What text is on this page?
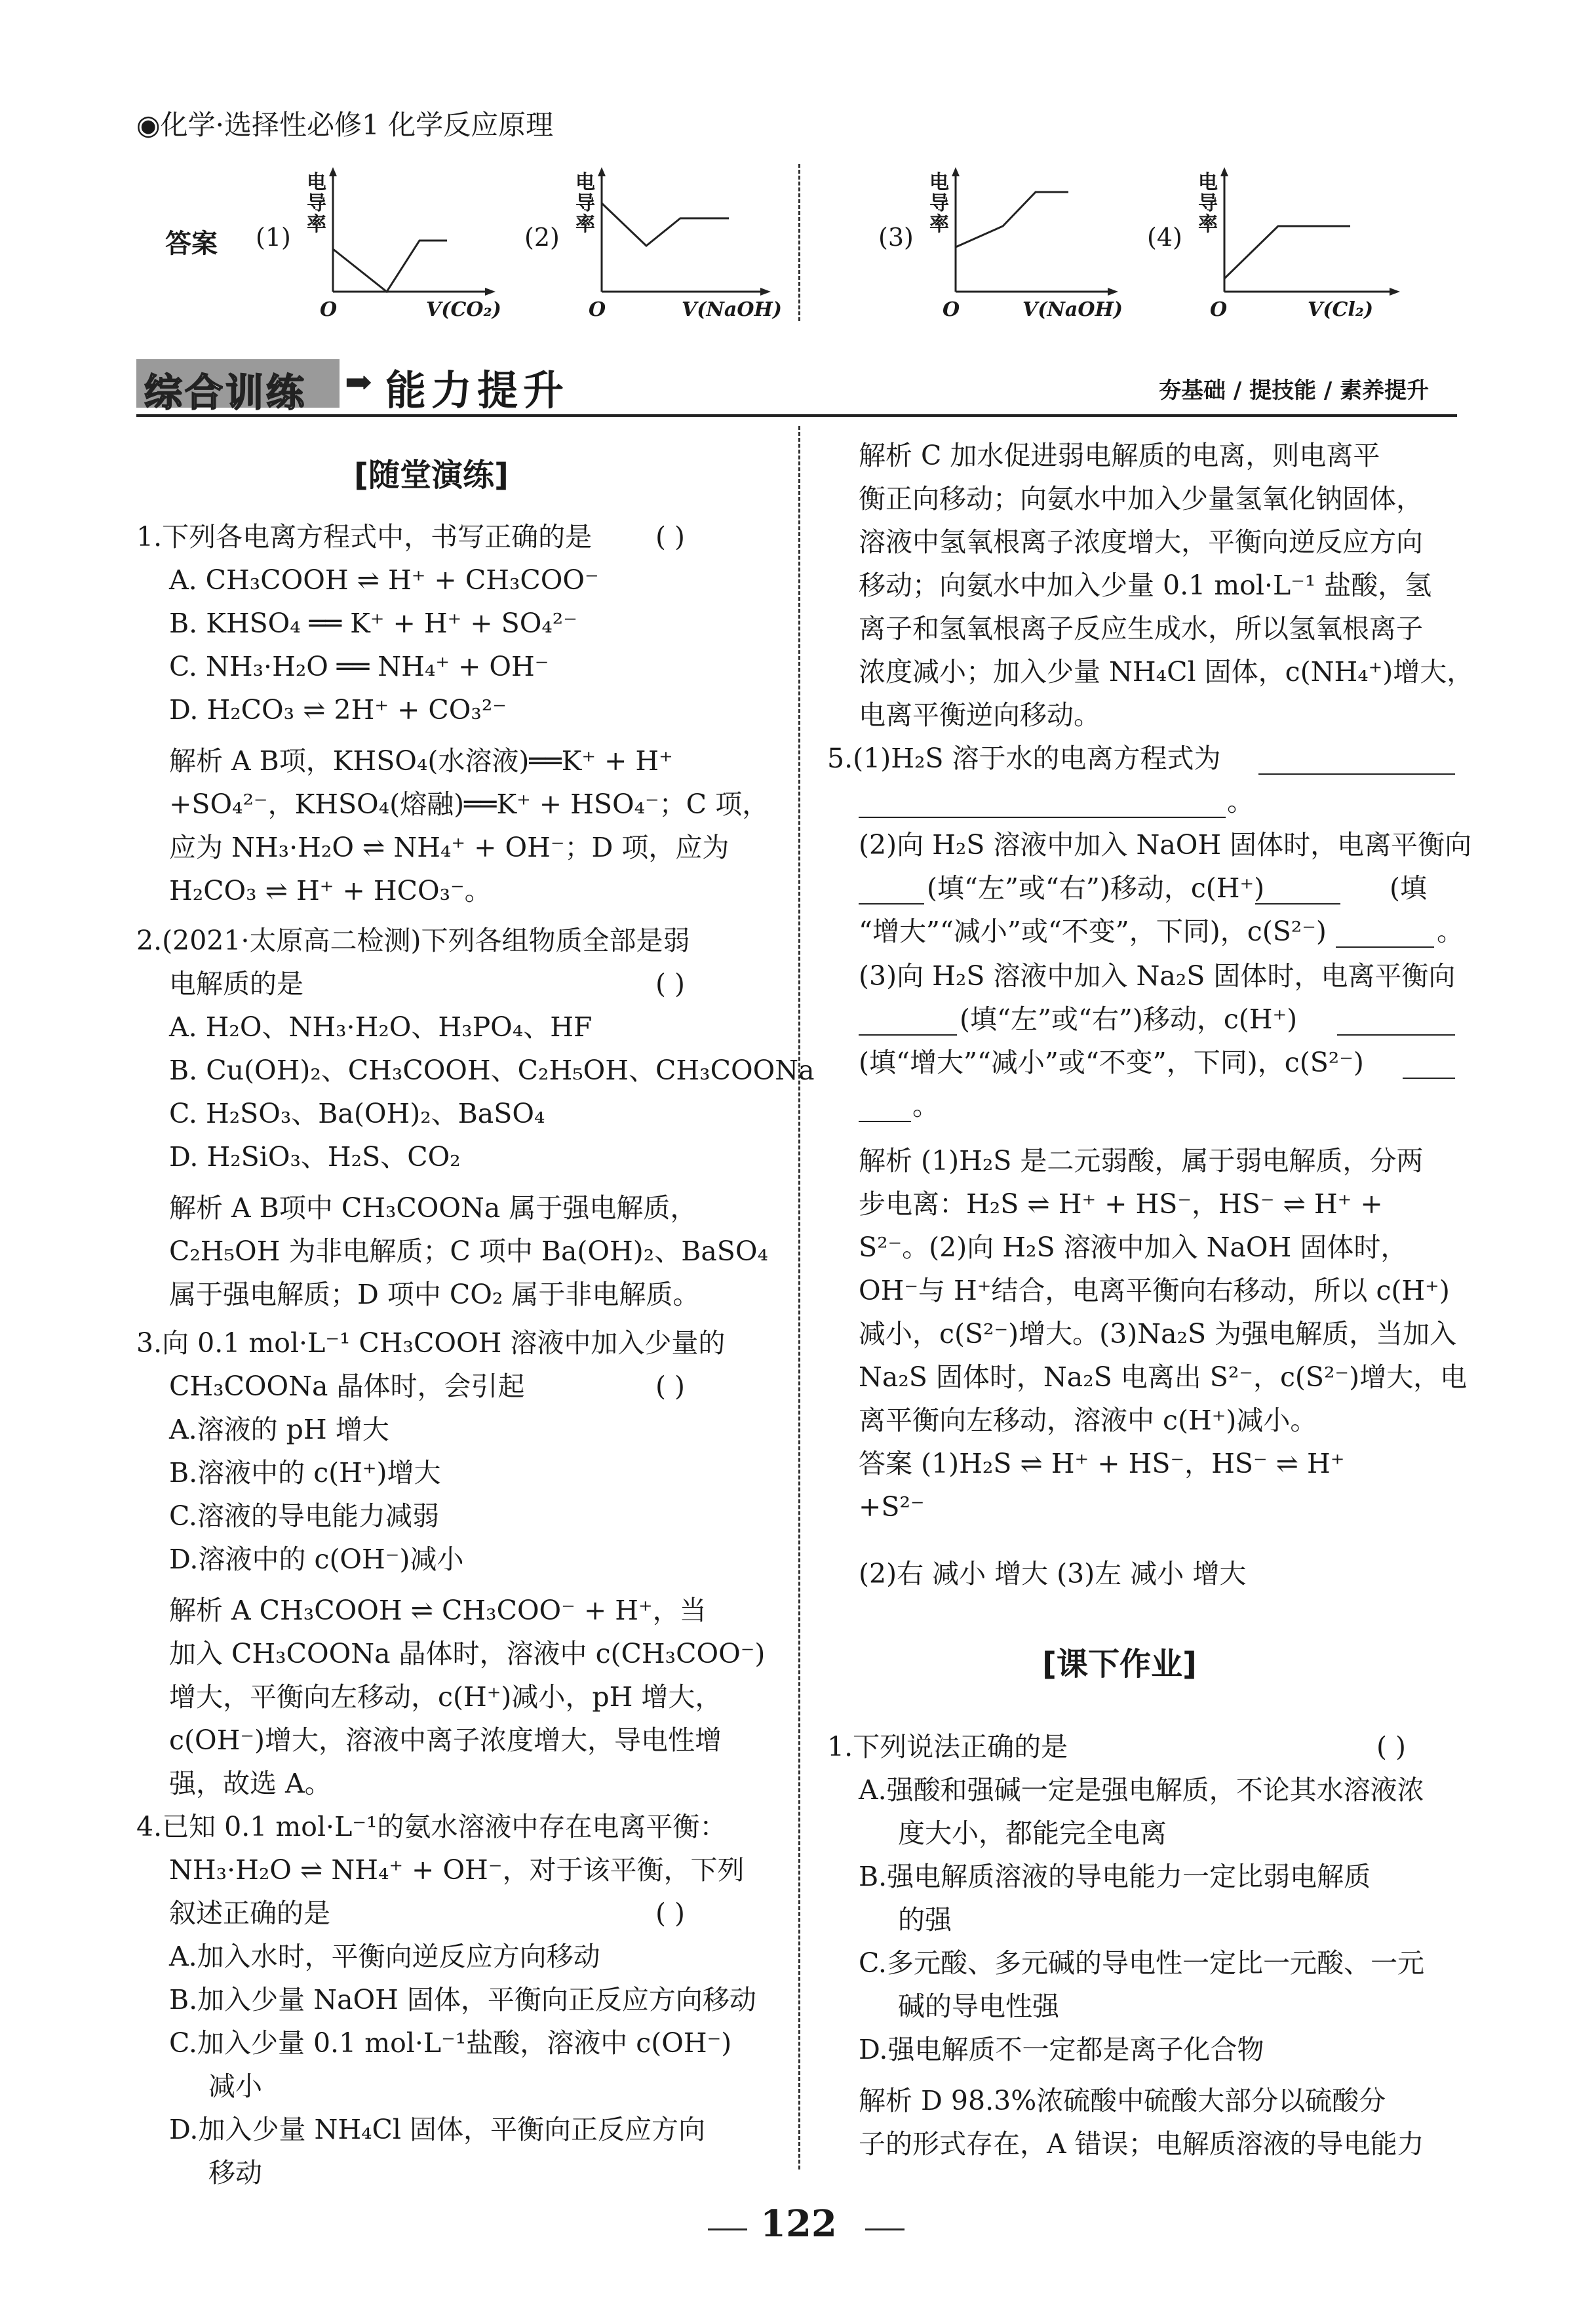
◉化学·选择性必修1 化学反应原理
答案 (1)
电导率
O	V(CO₂)
(2)
电导率
O	V(NaOH)
(3)
电导率
O	V(NaOH)
(4)
电导率
O	V(Cl₂)
综合训练 ➡ 能力提升	夯基础 / 提技能 / 素养提升
[随堂演练]
1.下列各电离方程式中，书写正确的是 ( )
A. CH₃COOH ⇌ H⁺ + CH₃COO⁻
B. KHSO₄ ══ K⁺ + H⁺ + SO₄²⁻
C. NH₃·H₂O ══ NH₄⁺ + OH⁻
D. H₂CO₃ ⇌ 2H⁺ + CO₃²⁻
解析 A B项，KHSO₄(水溶液)══K⁺ + H⁺
+SO₄²⁻，KHSO₄(熔融)══K⁺ + HSO₄⁻；C 项，
应为 NH₃·H₂O ⇌ NH₄⁺ + OH⁻；D 项，应为
H₂CO₃ ⇌ H⁺ + HCO₃⁻。
2.(2021·太原高二检测)下列各组物质全部是弱
电解质的是	( )
A. H₂O、NH₃·H₂O、H₃PO₄、HF
B. Cu(OH)₂、CH₃COOH、C₂H₅OH、CH₃COONa
C. H₂SO₃、Ba(OH)₂、BaSO₄
D. H₂SiO₃、H₂S、CO₂
解析 A B项中 CH₃COONa 属于强电解质，
C₂H₅OH 为非电解质；C 项中 Ba(OH)₂、BaSO₄
属于强电解质；D 项中 CO₂ 属于非电解质。
3.向 0.1 mol·L⁻¹ CH₃COOH 溶液中加入少量的
CH₃COONa 晶体时，会引起	( )
A.溶液的 pH 增大
B.溶液中的 c(H⁺)增大
C.溶液的导电能力减弱
D.溶液中的 c(OH⁻)减小
解析 A CH₃COOH ⇌ CH₃COO⁻ + H⁺，当
加入 CH₃COONa 晶体时，溶液中 c(CH₃COO⁻)
增大，平衡向左移动，c(H⁺)减小，pH 增大，
c(OH⁻)增大，溶液中离子浓度增大，导电性增
强，故选 A。
4.已知 0.1 mol·L⁻¹的氨水溶液中存在电离平衡：
NH₃·H₂O ⇌ NH₄⁺ + OH⁻，对于该平衡，下列
叙述正确的是	( )
A.加入水时，平衡向逆反应方向移动
B.加入少量 NaOH 固体，平衡向正反应方向移动
C.加入少量 0.1 mol·L⁻¹盐酸，溶液中 c(OH⁻)
减小
D.加入少量 NH₄Cl 固体，平衡向正反应方向
移动
解析 C 加水促进弱电解质的电离，则电离平
衡正向移动；向氨水中加入少量氢氧化钠固体，
溶液中氢氧根离子浓度增大，平衡向逆反应方向
移动；向氨水中加入少量 0.1 mol·L⁻¹ 盐酸，氢
离子和氢氧根离子反应生成水，所以氢氧根离子
浓度减小；加入少量 NH₄Cl 固体，c(NH₄⁺)增大，
电离平衡逆向移动。
5.(1)H₂S 溶于水的电离方程式为
。
(2)向 H₂S 溶液中加入 NaOH 固体时，电离平衡向
(填“左”或“右”)移动，c(H⁺)	(填
“增大”“减小”或“不变”，下同)，c(S²⁻)	。
(3)向 H₂S 溶液中加入 Na₂S 固体时，电离平衡向
(填“左”或“右”)移动，c(H⁺)
(填“增大”“减小”或“不变”，下同)，c(S²⁻)
。
解析 (1)H₂S 是二元弱酸，属于弱电解质，分两
步电离：H₂S ⇌ H⁺ + HS⁻，HS⁻ ⇌ H⁺ +
S²⁻。(2)向 H₂S 溶液中加入 NaOH 固体时，
OH⁻与 H⁺结合，电离平衡向右移动，所以 c(H⁺)
减小，c(S²⁻)增大。(3)Na₂S 为强电解质，当加入
Na₂S 固体时，Na₂S 电离出 S²⁻，c(S²⁻)增大，电
离平衡向左移动，溶液中 c(H⁺)减小。
答案 (1)H₂S ⇌ H⁺ + HS⁻，HS⁻ ⇌ H⁺
+S²⁻
(2)右 减小 增大 (3)左 减小 增大
[课下作业]
1.下列说法正确的是	( )
A.强酸和强碱一定是强电解质，不论其水溶液浓
度大小，都能完全电离
B.强电解质溶液的导电能力一定比弱电解质
的强
C.多元酸、多元碱的导电性一定比一元酸、一元
碱的导电性强
D.强电解质不一定都是离子化合物
解析 D 98.3%浓硫酸中硫酸大部分以硫酸分
子的形式存在，A 错误；电解质溶液的导电能力
122
